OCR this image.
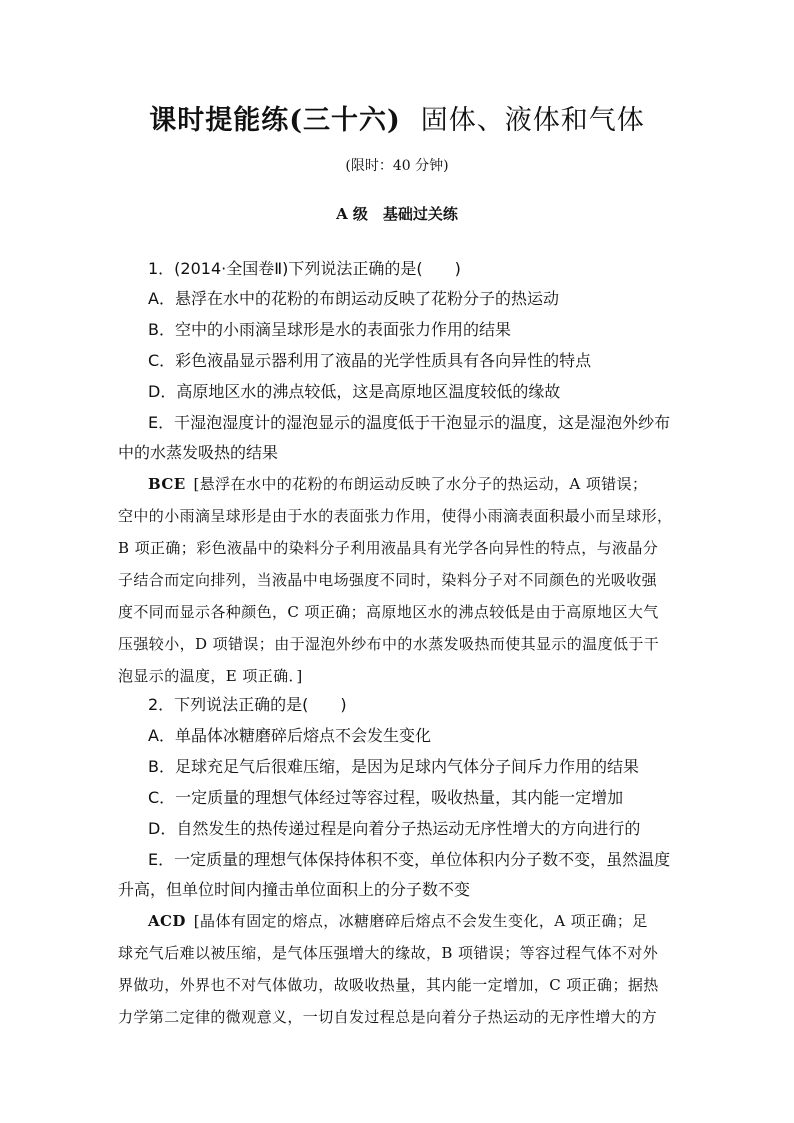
课时提能练(三十六) 固体、液体和气体
(限时：40 分钟)
A 级　基础过关练
1．(2014·全国卷Ⅱ)下列说法正确的是(　　)
A．悬浮在水中的花粉的布朗运动反映了花粉分子的热运动
B．空中的小雨滴呈球形是水的表面张力作用的结果
C．彩色液晶显示器利用了液晶的光学性质具有各向异性的特点
D．高原地区水的沸点较低，这是高原地区温度较低的缘故
E．干湿泡湿度计的湿泡显示的温度低于干泡显示的温度，这是湿泡外纱布
中的水蒸发吸热的结果
BCE [悬浮在水中的花粉的布朗运动反映了水分子的热运动，A 项错误；
空中的小雨滴呈球形是由于水的表面张力作用，使得小雨滴表面积最小而呈球形，
B 项正确；彩色液晶中的染料分子利用液晶具有光学各向异性的特点，与液晶分
子结合而定向排列，当液晶中电场强度不同时，染料分子对不同颜色的光吸收强
度不同而显示各种颜色，C 项正确；高原地区水的沸点较低是由于高原地区大气
压强较小，D 项错误；由于湿泡外纱布中的水蒸发吸热而使其显示的温度低于干
泡显示的温度，E 项正确．]
2．下列说法正确的是(　　)
A．单晶体冰糖磨碎后熔点不会发生变化
B．足球充足气后很难压缩，是因为足球内气体分子间斥力作用的结果
C．一定质量的理想气体经过等容过程，吸收热量，其内能一定增加
D．自然发生的热传递过程是向着分子热运动无序性增大的方向进行的
E．一定质量的理想气体保持体积不变，单位体积内分子数不变，虽然温度
升高，但单位时间内撞击单位面积上的分子数不变
ACD [晶体有固定的熔点，冰糖磨碎后熔点不会发生变化，A 项正确；足
球充气后难以被压缩，是气体压强增大的缘故，B 项错误；等容过程气体不对外
界做功，外界也不对气体做功，故吸收热量，其内能一定增加，C 项正确；据热
力学第二定律的微观意义，一切自发过程总是向着分子热运动的无序性增大的方
